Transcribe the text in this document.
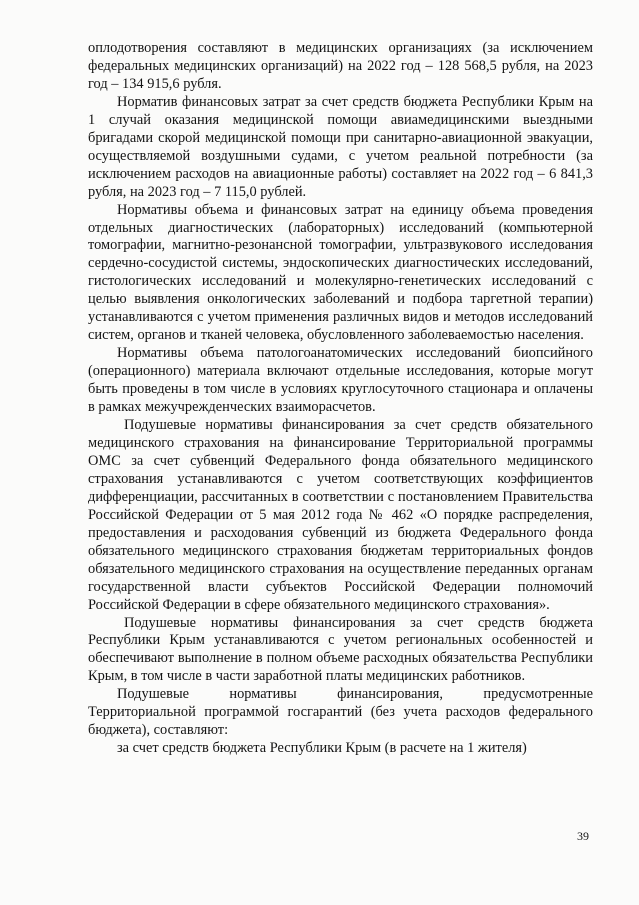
оплодотворения составляют в медицинских организациях (за исключением федеральных медицинских организаций) на 2022 год – 128 568,5 рубля, на 2023 год – 134 915,6 рубля.

Норматив финансовых затрат за счет средств бюджета Республики Крым на 1 случай оказания медицинской помощи авиамедицинскими выездными бригадами скорой медицинской помощи при санитарно-авиационной эвакуации, осуществляемой воздушными судами, с учетом реальной потребности (за исключением расходов на авиационные работы) составляет на 2022 год – 6 841,3 рубля, на 2023 год – 7 115,0 рублей.

Нормативы объема и финансовых затрат на единицу объема проведения отдельных диагностических (лабораторных) исследований (компьютерной томографии, магнитно-резонансной томографии, ультразвукового исследования сердечно-сосудистой системы, эндоскопических диагностических исследований, гистологических исследований и молекулярно-генетических исследований с целью выявления онкологических заболеваний и подбора таргетной терапии) устанавливаются с учетом применения различных видов и методов исследований систем, органов и тканей человека, обусловленного заболеваемостью населения.

Нормативы объема патологоанатомических исследований биопсийного (операционного) материала включают отдельные исследования, которые могут быть проведены в том числе в условиях круглосуточного стационара и оплачены в рамках межучрежденческих взаиморасчетов.

Подушевые нормативы финансирования за счет средств обязательного медицинского страхования на финансирование Территориальной программы ОМС за счет субвенций Федерального фонда обязательного медицинского страхования устанавливаются с учетом соответствующих коэффициентов дифференциации, рассчитанных в соответствии с постановлением Правительства Российской Федерации от 5 мая 2012 года № 462 «О порядке распределения, предоставления и расходования субвенций из бюджета Федерального фонда обязательного медицинского страхования бюджетам территориальных фондов обязательного медицинского страхования на осуществление переданных органам государственной власти субъектов Российской Федерации полномочий Российской Федерации в сфере обязательного медицинского страхования».

Подушевые нормативы финансирования за счет средств бюджета Республики Крым устанавливаются с учетом региональных особенностей и обеспечивают выполнение в полном объеме расходных обязательства Республики Крым, в том числе в части заработной платы медицинских работников.

Подушевые нормативы финансирования, предусмотренные Территориальной программой госгарантий (без учета расходов федерального бюджета), составляют:

за счет средств бюджета Республики Крым (в расчете на 1 жителя)

39
